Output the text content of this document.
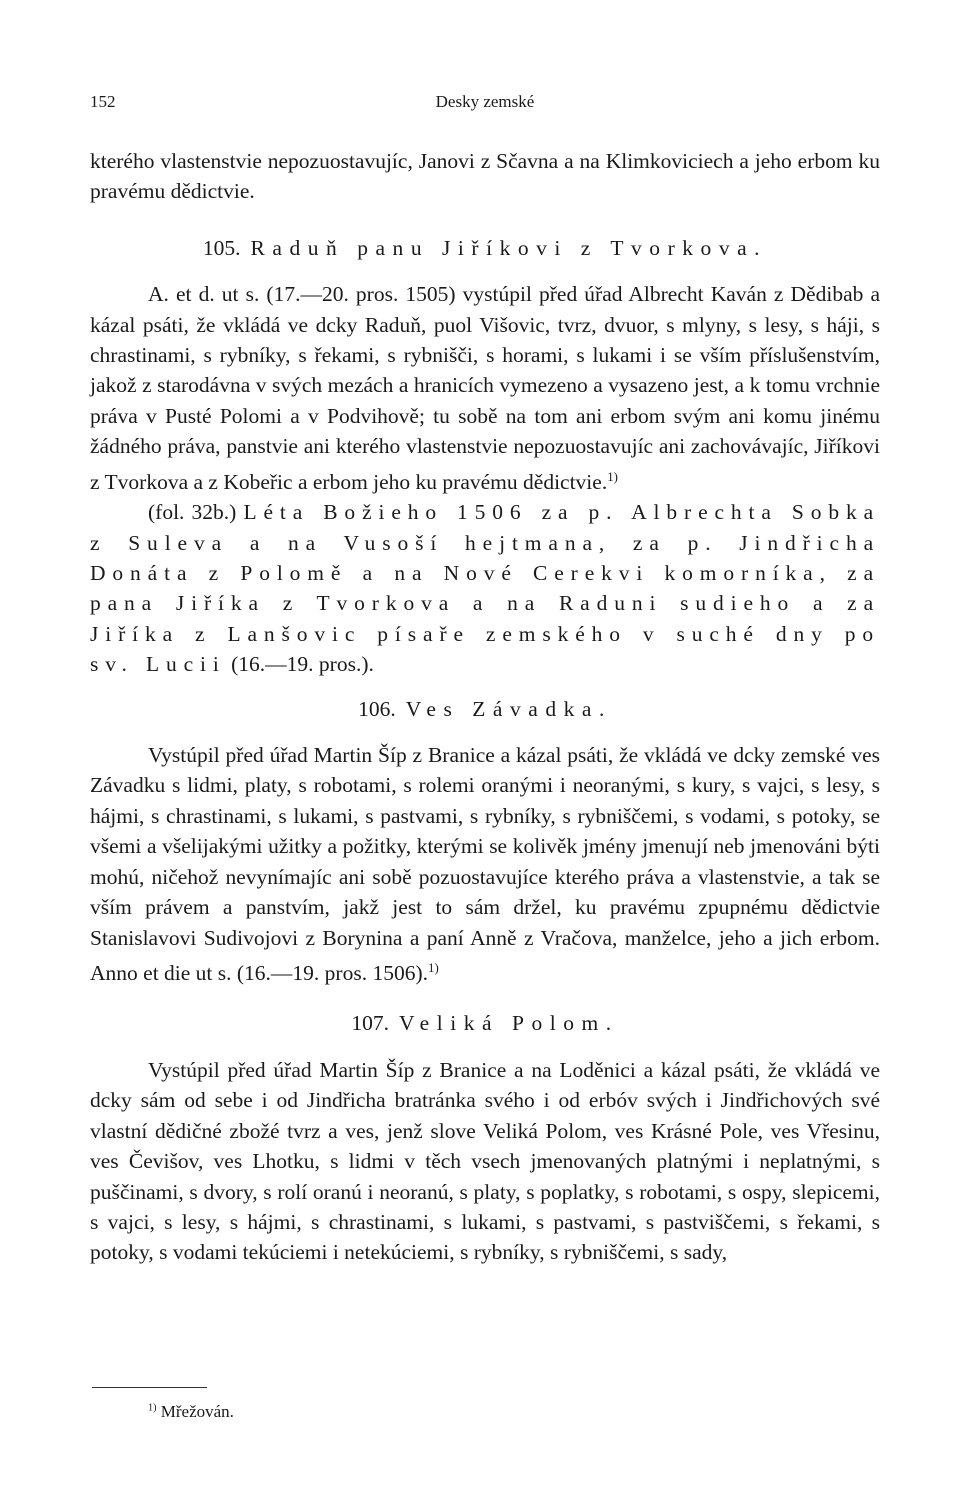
152	Desky zemské

kterého vlastenstvie nepozuostavujíc, Janovi z Sčavna a na Klimkoviciech a jeho erbom ku pravému dědictvie.

105. Raduň panu Jiříkovi z Tvorkova.

A. et d. ut s. (17.—20. pros. 1505) vystúpil před úřad Albrecht Kaván z Dědibab a kázal psáti, že vkládá ve dcky Raduň, puol Višovic, tvrz, dvuor, s mlyny, s lesy, s háji, s chrastinami, s rybníky, s řekami, s rybnišči, s horami, s lukami i se vším příslušenstvím, jakož z starodávna v svých mezách a hranicích vymezeno a vysazeno jest, a k tomu vrchnie práva v Pusté Polomi a v Podvihově; tu sobě na tom ani erbom svým ani komu jinému žádného práva, panstvie ani kterého vlastenstvie nepozuostavujíc ani zachovávajíc, Jiříkovi z Tvorkova a z Kobeřic a erbom jeho ku pravému dědictvie.$^{1)}$

(fol. 32b.) Léta Božieho 1506 za p. Albrechta Sobka z Suleva a na Vusoší hejtmana, za p. Jindřicha Donáta z Polomě a na Nové Cerekvi komorníka, za pana Jiříka z Tvorkova a na Raduni sudieho a za Jiříka z Lanšovic písaře zemského v suché dny po sv. Lucii (16.—19. pros.).

106. Ves Závadka.

Vystúpil před úřad Martin Šíp z Branice a kázal psáti, že vkládá ve dcky zemské ves Závadku s lidmi, platy, s robotami, s rolemi oranými i neoranými, s kury, s vajci, s lesy, s hájmi, s chrastinami, s lukami, s pastvami, s rybníky, s rybniščemi, s vodami, s potoky, se všemi a všelijakými užitky a požitky, kterými se kolivěk jmény jmenují neb jmenováni býti mohú, ničehož nevynímajíc ani sobě pozuostavujíce kterého práva a vlastenstvie, a tak se vším právem a panstvím, jakž jest to sám držel, ku pravému zpupnému dědictvie Stanislavovi Sudivojovi z Borynina a paní Anně z Vračova, manželce, jeho a jich erbom. Anno et die ut s. (16.—19. pros. 1506).$^{1)}$

107. Veliká Polom.

Vystúpil před úřad Martin Šíp z Branice a na Loděnici a kázal psáti, že vkládá ve dcky sám od sebe i od Jindřicha bratránka svého i od erbóv svých i Jindřichových své vlastní dědičné zbožé tvrz a ves, jenž slove Veliká Polom, ves Krásné Pole, ves Vřesinu, ves Čevišov, ves Lhotku, s lidmi v těch vsech jmenovaných platnými i neplatnými, s puščinami, s dvory, s rolí oranú i neoranú, s platy, s poplatky, s robotami, s ospy, slepicemi, s vajci, s lesy, s hájmi, s chrastinami, s lukami, s pastvami, s pastviščemi, s řekami, s potoky, s vodami tekúciemi i netekúciemi, s rybníky, s rybniščemi, s sady,

$^{1)}$ Mřežován.
